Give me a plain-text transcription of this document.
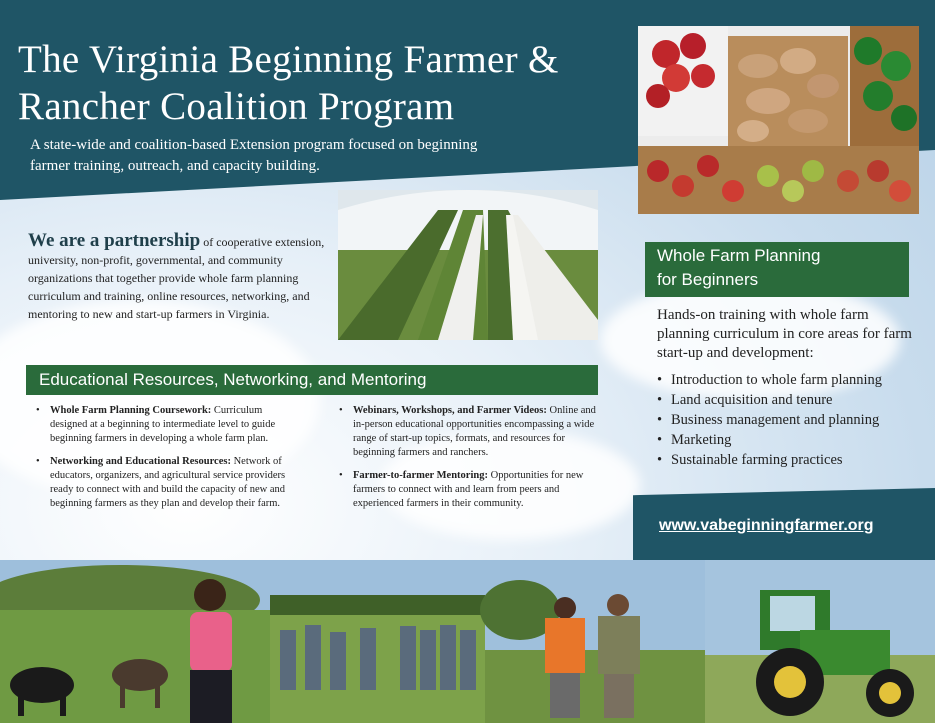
The Virginia Beginning Farmer & Rancher Coalition Program

A state-wide and coalition-based Extension program focused on beginning farmer training, outreach, and capacity building.

We are a partnership of cooperative extension, university, non-profit, governmental, and community organizations that together provide whole farm planning curriculum and training, online resources, networking, and mentoring to new and start-up farmers in Virginia.

Educational Resources, Networking, and Mentoring
• Whole Farm Planning Coursework: Curriculum designed at a beginning to intermediate level to guide beginning farmers in developing a whole farm plan.
• Networking and Educational Resources: Network of educators, organizers, and agricultural service providers ready to connect with and build the capacity of new and beginning farmers as they plan and develop their farm.
• Webinars, Workshops, and Farmer Videos: Online and in-person educational opportunities encompassing a wide range of start-up topics, formats, and resources for beginning farmers and ranchers.
• Farmer-to-farmer Mentoring: Opportunities for new farmers to connect with and learn from peers and experienced farmers in their community.
Whole Farm Planning
for Beginners

Hands-on training with whole farm planning curriculum in core areas for farm start-up and development:

• Introduction to whole farm planning
• Land acquisition and tenure
• Business management and planning
• Marketing
• Sustainable farming practices
www.vabeginningfarmer.org
